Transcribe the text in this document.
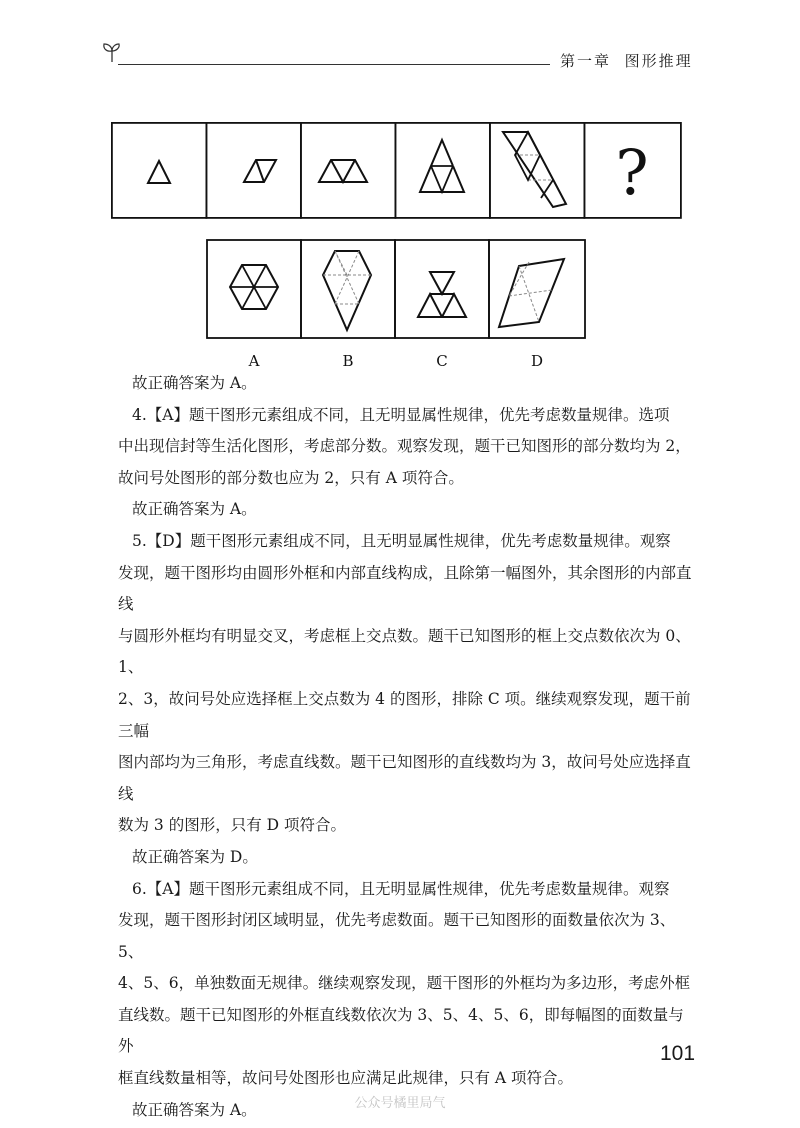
第一章 图形推理
?
A	B	C	D

故正确答案为 A。

4.【A】题干图形元素组成不同，且无明显属性规律，优先考虑数量规律。选项
中出现信封等生活化图形，考虑部分数。观察发现，题干已知图形的部分数均为 2，
故问号处图形的部分数也应为 2，只有 A 项符合。

故正确答案为 A。

5.【D】题干图形元素组成不同，且无明显属性规律，优先考虑数量规律。观察
发现，题干图形均由圆形外框和内部直线构成，且除第一幅图外，其余图形的内部直线
与圆形外框均有明显交叉，考虑框上交点数。题干已知图形的框上交点数依次为 0、1、
2、3，故问号处应选择框上交点数为 4 的图形，排除 C 项。继续观察发现，题干前三幅
图内部均为三角形，考虑直线数。题干已知图形的直线数均为 3，故问号处应选择直线
数为 3 的图形，只有 D 项符合。

故正确答案为 D。

6.【A】题干图形元素组成不同，且无明显属性规律，优先考虑数量规律。观察
发现，题干图形封闭区域明显，优先考虑数面。题干已知图形的面数量依次为 3、5、
4、5、6，单独数面无规律。继续观察发现，题干图形的外框均为多边形，考虑外框
直线数。题干已知图形的外框直线数依次为 3、5、4、5、6，即每幅图的面数量与外
框直线数量相等，故问号处图形也应满足此规律，只有 A 项符合。

故正确答案为 A。

101
公众号橘里局气
